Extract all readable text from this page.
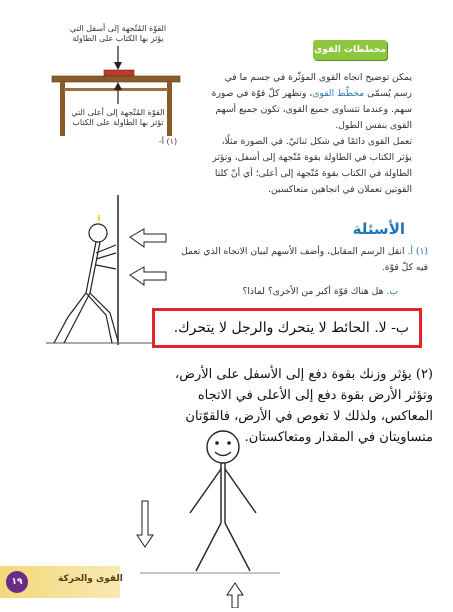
القوّة المُتّجهة إلى أسفل التي
يؤثر بها الكتاب على الطاولة
القوّة المُتّجهة إلى أعلى التي
تؤثر بها الطاولة على الكتاب
(١) أ-
مخططات القوى
يمكن توضيح اتجاه القوى المؤثّرة في جسم ما في رسم يُسمّى مخطّط القوى، وتظهر كلّ قوّة في صورة سهم. وعندما تتساوى جميع القوى، تكون جميع أسهم القوى بنفس الطول.
تعمل القوى دائمًا في شكل ثنائيّ. في الصورة مثلًا، يؤثر الكتاب في الطاولة بقوة مُتّجهة إلى أسفل، وتؤثر الطاولة في الكتاب بقوة مُتّجهة إلى أعلى؛ أي أنّ كلتا القوتين تعملان في اتجاهين متعاكسين.
الأسئلة
(١) أ. انقل الرسم المقابل، وأضف الأسهم لبيان الاتجاه الذي تعمل فيه كلّ قوّة.
ب. هل هناك قوّة أكبر من الأخرى؟ لماذا؟
ب- لا. الحائط لا يتحرك والرجل لا يتحرك.
(٢) يؤثر وزنك بقوة دفع إلى الأسفل على الأرض، وتؤثر الأرض بقوة دفع إلى الأعلى في الاتجاه المعاكس، ولذلك لا تغوص في الأرض، فالقوّتان متساويتان في المقدار ومتعاكستان.
١٩	القوى والحركة
